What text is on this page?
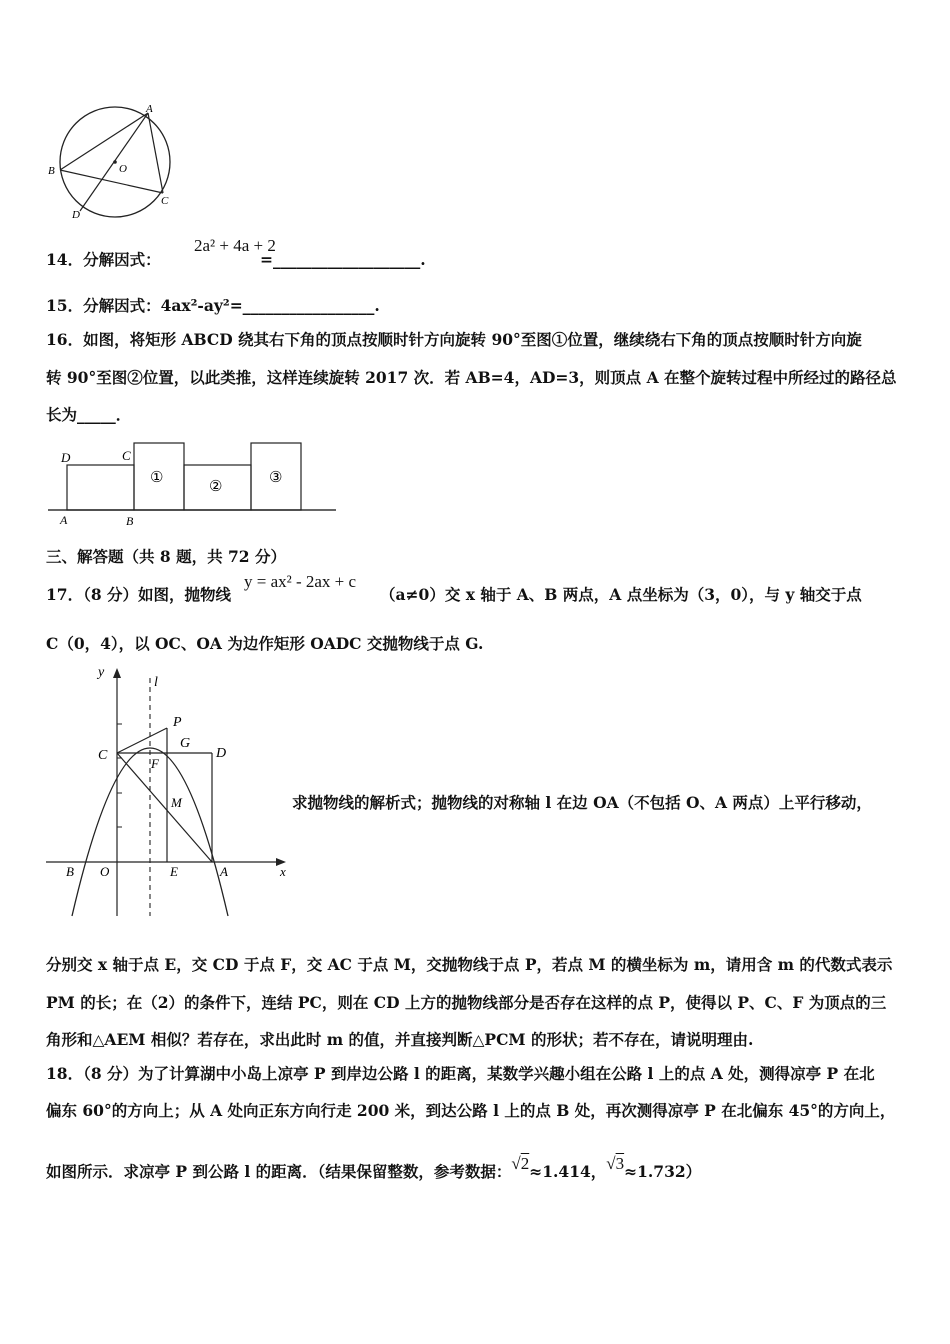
A
B	O
C
D
14．分解因式：
2a² + 4a + 2
=___________________.
15．分解因式：4ax²-ay²=_________________.
16．如图，将矩形 ABCD 绕其右下角的顶点按顺时针方向旋转 90°至图①位置，继续绕右下角的顶点按顺时针方向旋
转 90°至图②位置，以此类推，这样连续旋转 2017 次．若 AB=4，AD=3，则顶点 A 在整个旋转过程中所经过的路径总
长为_____．
D	C
A	B
①
②
③
三、解答题（共 8 题，共 72 分）
17．（8 分）如图，抛物线
y = ax² - 2ax + c
（a≠0）交 x 轴于 A、B 两点，A 点坐标为（3，0），与 y 轴交于点
C（0，4），以 OC、OA 为边作矩形 OADC 交抛物线于点 G.
y
l
P
G
C	D
F
M
B O	E	A	x
求抛物线的解析式；抛物线的对称轴 l 在边 OA（不包括 O、A 两点）上平行移动，
分别交 x 轴于点 E，交 CD 于点 F，交 AC 于点 M，交抛物线于点 P，若点 M 的横坐标为 m，请用含 m 的代数式表示
PM 的长；在（2）的条件下，连结 PC，则在 CD 上方的抛物线部分是否存在这样的点 P，使得以 P、C、F 为顶点的三
角形和△AEM 相似？若存在，求出此时 m 的值，并直接判断△PCM 的形状；若不存在，请说明理由.
18．（8 分）为了计算湖中小岛上凉亭 P 到岸边公路 l 的距离，某数学兴趣小组在公路 l 上的点 A 处，测得凉亭 P 在北
偏东 60°的方向上；从 A 处向正东方向行走 200 米，到达公路 l 上的点 B 处，再次测得凉亭 P 在北偏东 45°的方向上，
如图所示．求凉亭 P 到公路 l 的距离．（结果保留整数，参考数据：√2≈1.414，√3≈1.732）
